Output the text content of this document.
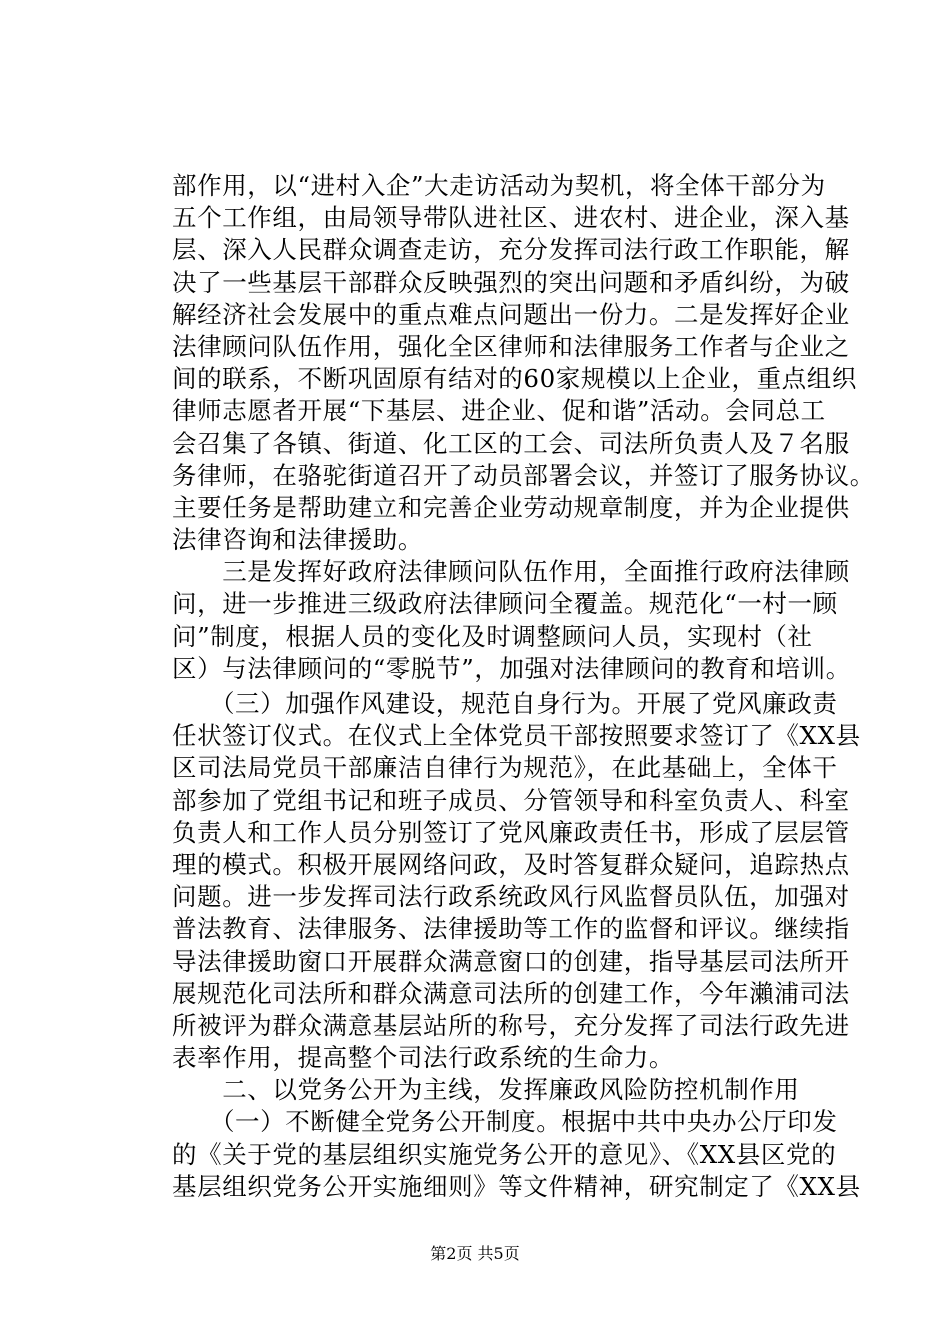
部作用，以“进村入企”大走访活动为契机，将全体干部分为
五个工作组，由局领导带队进社区、进农村、进企业，深入基
层、深入人民群众调查走访，充分发挥司法行政工作职能，解
决了一些基层干部群众反映强烈的突出问题和矛盾纠纷，为破
解经济社会发展中的重点难点问题出一份力。二是发挥好企业
法律顾问队伍作用，强化全区律师和法律服务工作者与企业之
间的联系，不断巩固原有结对的60家规模以上企业，重点组织
律师志愿者开展“下基层、进企业、促和谐”活动。会同总工
会召集了各镇、街道、化工区的工会、司法所负责人及７名服
务律师，在骆驼街道召开了动员部署会议，并签订了服务协议。
主要任务是帮助建立和完善企业劳动规章制度，并为企业提供
法律咨询和法律援助。
　　三是发挥好政府法律顾问队伍作用，全面推行政府法律顾
问，进一步推进三级政府法律顾问全覆盖。规范化“一村一顾
问”制度，根据人员的变化及时调整顾问人员，实现村（社
区）与法律顾问的“零脱节”，加强对法律顾问的教育和培训。
　　（三）加强作风建设，规范自身行为。开展了党风廉政责
任状签订仪式。在仪式上全体党员干部按照要求签订了《XX县
区司法局党员干部廉洁自律行为规范》，在此基础上，全体干
部参加了党组书记和班子成员、分管领导和科室负责人、科室
负责人和工作人员分别签订了党风廉政责任书，形成了层层管
理的模式。积极开展网络问政，及时答复群众疑问，追踪热点
问题。进一步发挥司法行政系统政风行风监督员队伍，加强对
普法教育、法律服务、法律援助等工作的监督和评议。继续指
导法律援助窗口开展群众满意窗口的创建，指导基层司法所开
展规范化司法所和群众满意司法所的创建工作，今年瀨浦司法
所被评为群众满意基层站所的称号，充分发挥了司法行政先进
表率作用，提高整个司法行政系统的生命力。
　　二、以党务公开为主线，发挥廉政风险防控机制作用
　　（一）不断健全党务公开制度。根据中共中央办公厅印发
的《关于党的基层组织实施党务公开的意见》、《XX县区党的
基层组织党务公开实施细则》等文件精神，研究制定了《XX县
第2页 共5页
